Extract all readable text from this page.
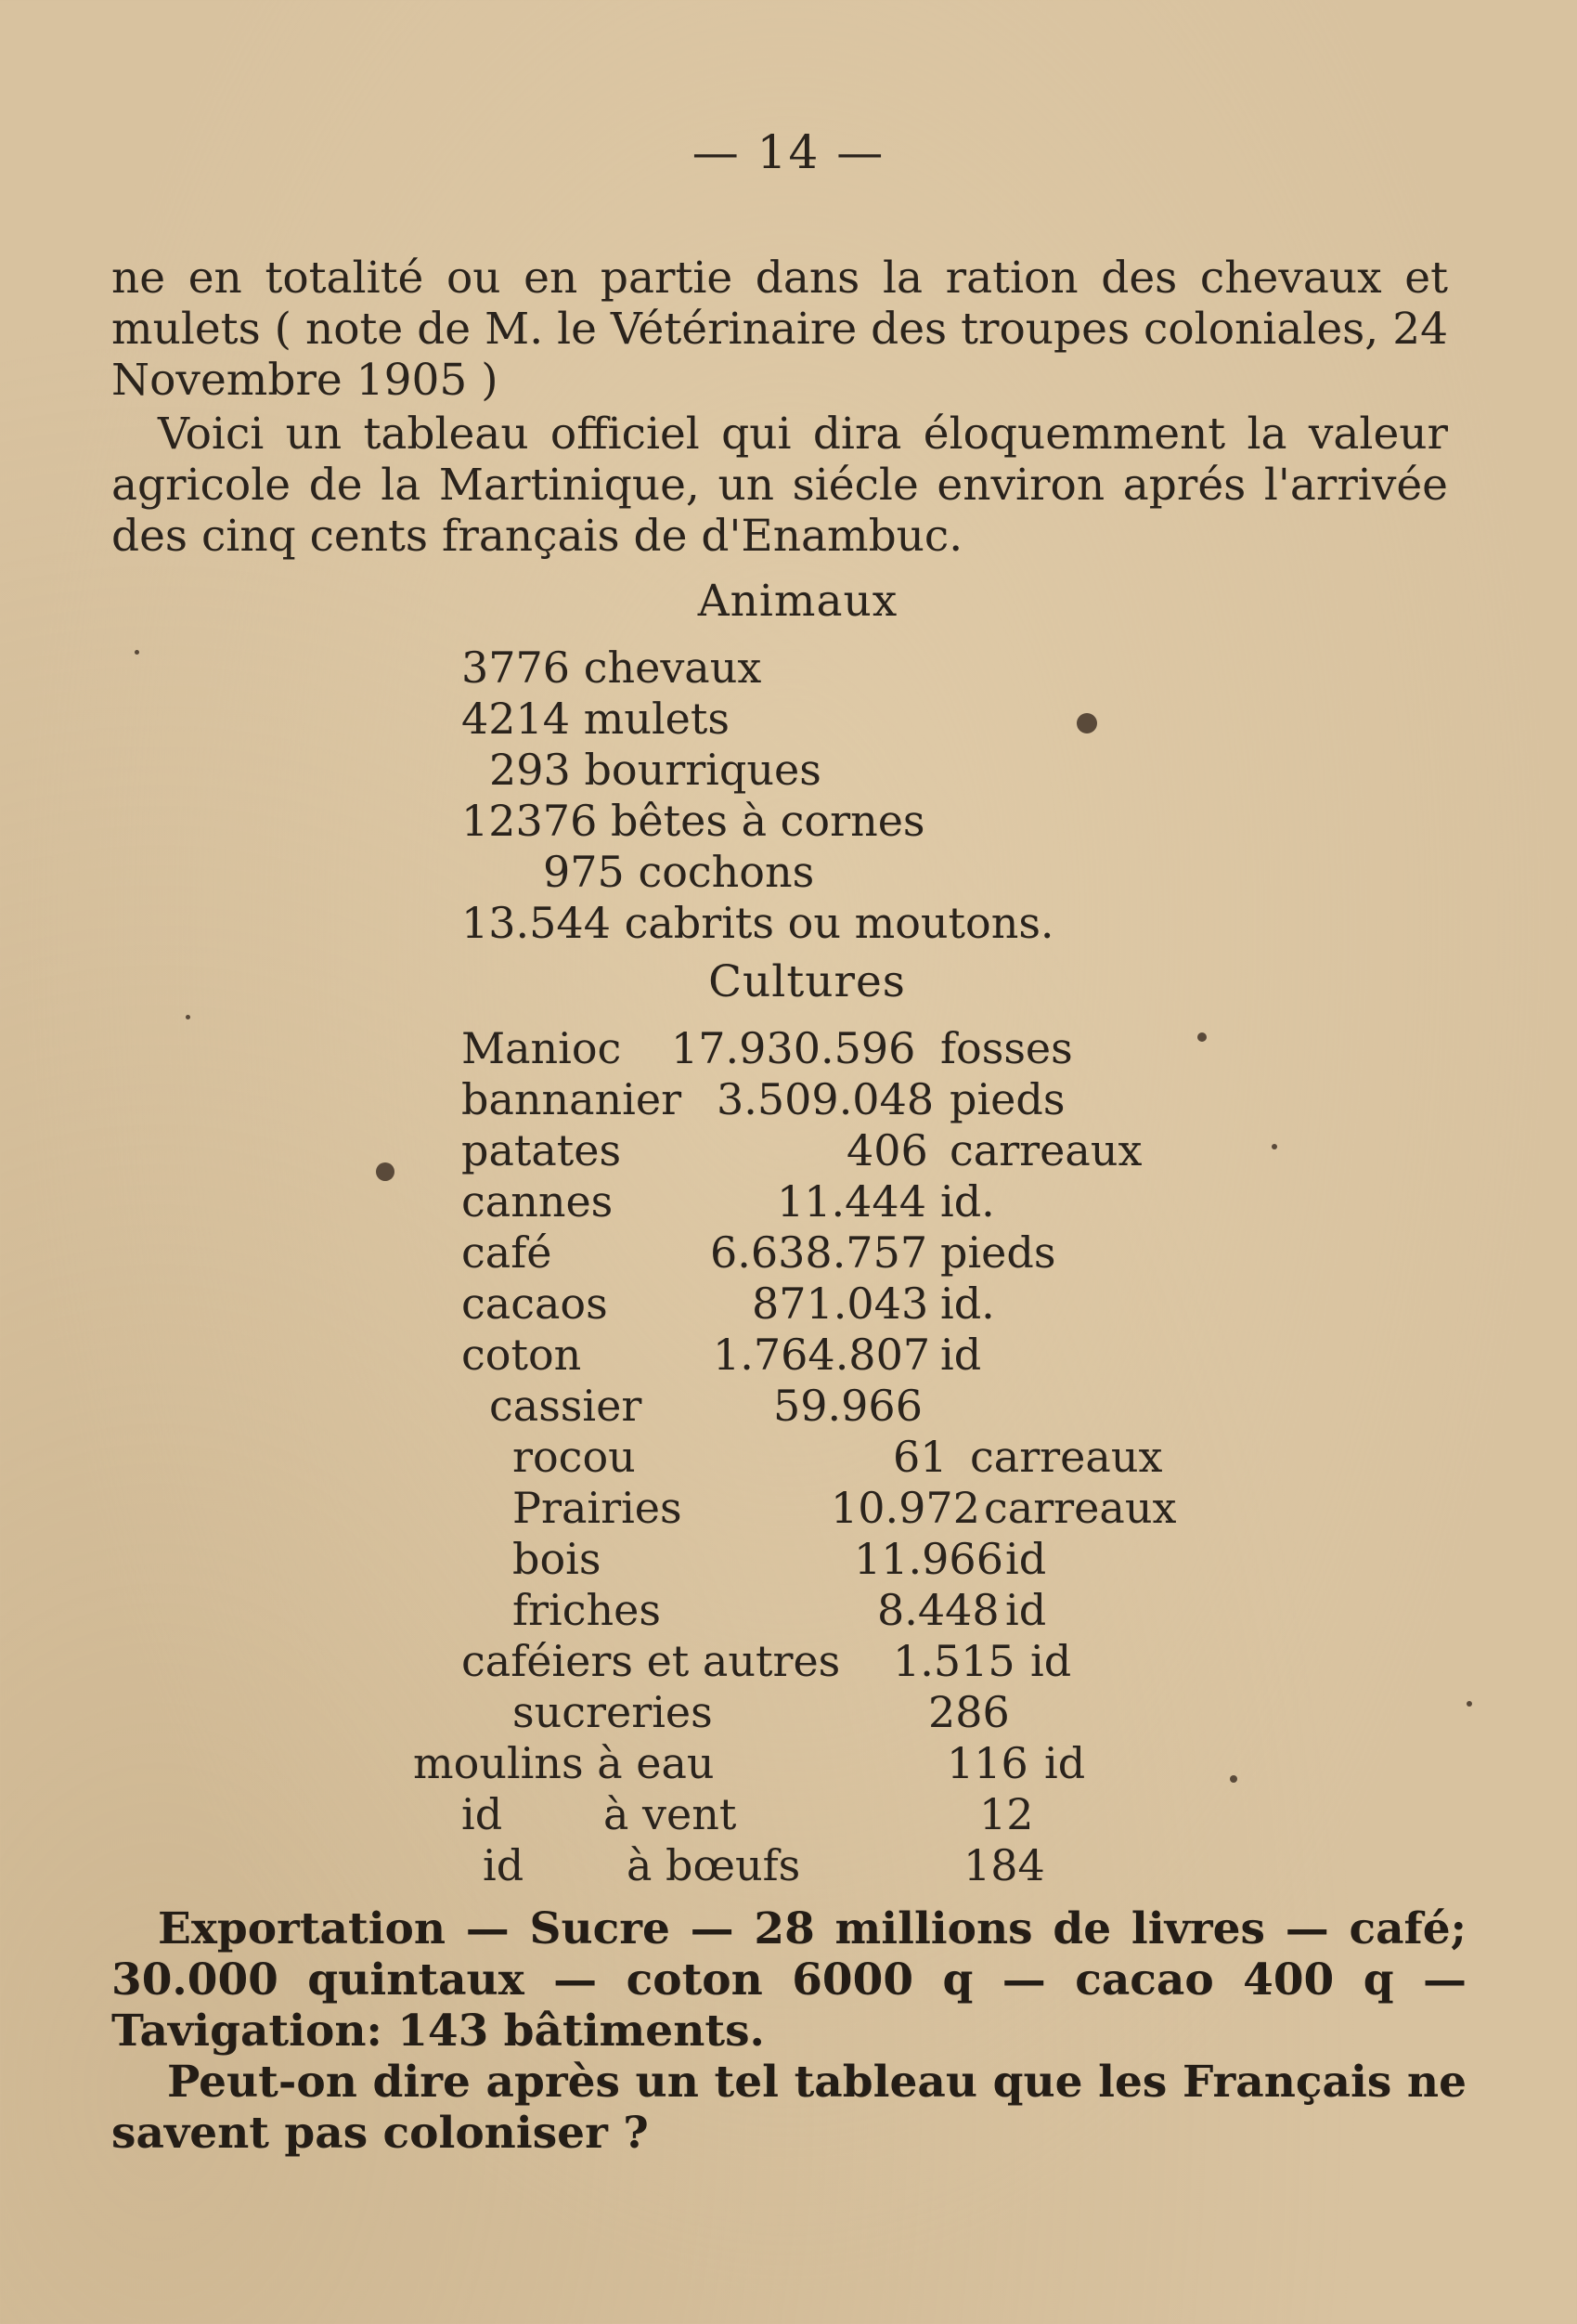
— 14 —
ne en totalité ou en partie dans la ration des chevaux et mulets ( note de M. le Vétérinaire des troupes coloniales, 24 Novembre 1905 )
Voici un tableau officiel qui dira éloquemment la valeur agricole de la Martinique, un siécle environ aprés l'arrivée des cinq cents français de d'Enambuc.
Animaux
3776 chevaux
4214 mulets
293 bourriques
12376 bêtes à cornes
975 cochons
13.544 cabrits ou moutons.
Cultures
Manioc 17.930.596 fosses
bannanier 3.509.048 pieds
patates	406 carreaux
cannes	11.444 id.
café	6.638.757 pieds
cacaos	871.043 id.
coton	1.764.807 id
cassier	59.966
rocou	61 carreaux
Prairies	10.972 carreaux
bois	11.966 id
friches	8.448 id
caféiers et autres 1.515 id
sucreries	286
moulins à eau	116 id
id à vent	12
id à bœufs	184
Exportation — Sucre — 28 millions de livres — café; 30.000 quintaux — coton 6000 q — cacao 400 q — Tavigation: 143 bâtiments.
Peut-on dire après un tel tableau que les Français ne savent pas coloniser ?
